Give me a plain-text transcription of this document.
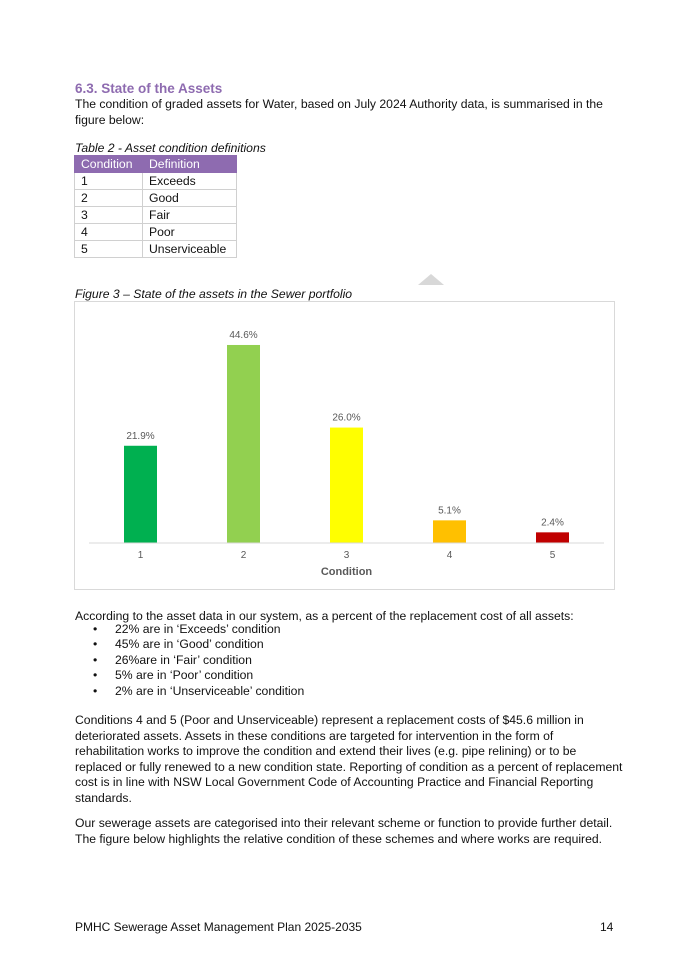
6.3. State of the Assets
The condition of graded assets for Water, based on July 2024 Authority data, is summarised in the figure below:
Table 2 - Asset condition definitions
Condition	Definition
1	Exceeds
2	Good
3	Fair
4	Poor
5	Unserviceable
Figure 3 – State of the assets in the Sewer portfolio
21.9%
1
44.6%
2
26.0%
3
5.1%
4
2.4%
5
Condition
According to the asset data in our system, as a percent of the replacement cost of all assets:
• 22% are in ‘Exceeds’ condition
• 45% are in ‘Good’ condition
• 26%are in ‘Fair’ condition
• 5% are in ‘Poor’ condition
• 2% are in ‘Unserviceable’ condition
Conditions 4 and 5 (Poor and Unserviceable) represent a replacement costs of $45.6 million in deteriorated assets. Assets in these conditions are targeted for intervention in the form of rehabilitation works to improve the condition and extend their lives (e.g. pipe relining) or to be replaced or fully renewed to a new condition state. Reporting of condition as a percent of replacement cost is in line with NSW Local Government Code of Accounting Practice and Financial Reporting standards.
Our sewerage assets are categorised into their relevant scheme or function to provide further detail. The figure below highlights the relative condition of these schemes and where works are required.
PMHC Sewerage Asset Management Plan 2025-2035	14
